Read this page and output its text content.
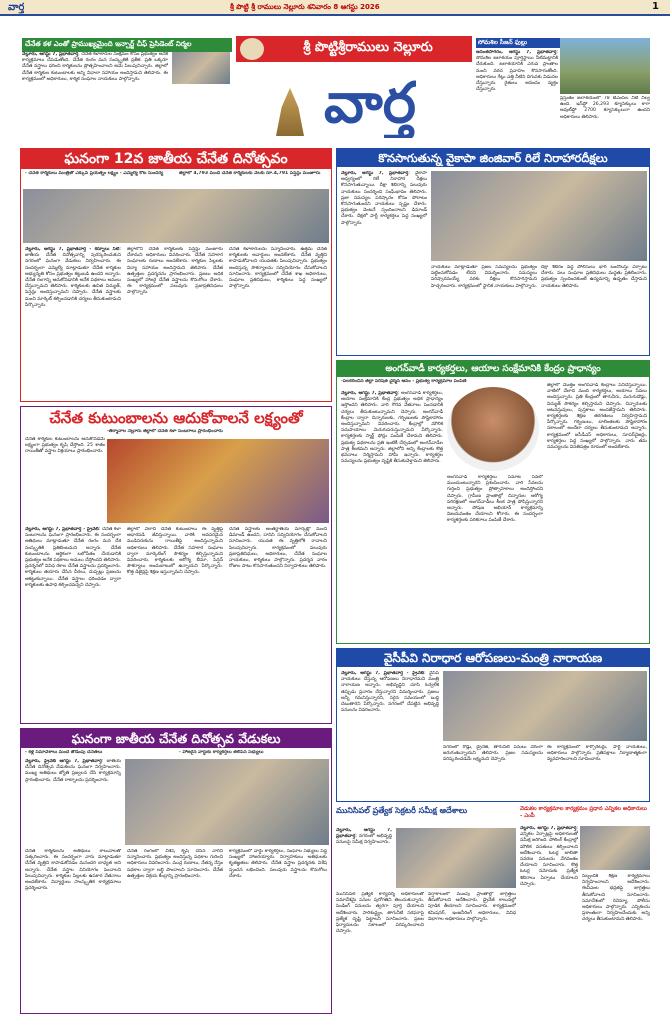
వార్త	శ్రీ పొట్టి శ్రీ రాములు నెల్లూరు శనివారం 8 ఆగస్టు 2026	1
చేనేత కళ ఎంతో ప్రాముఖ్యమైంది ఇన్చార్జ్ చీఫ్ ప్రెసిడెంట్ నిర్మల
నెల్లూరు, ఆగస్టు 7, ప్రభాతవార్త, చేనేత కళాకారుల సంక్షేమం కోసం ప్రభుత్వం అనేక కార్యక్రమాలు చేపడుతోంది. చేనేత రంగం మన సంస్కృతికి ప్రతీక. ప్రతి ఒక్కరూ చేనేత వస్త్రాలు ధరించి కార్మికులను ప్రోత్సహించాలని ఆమె పిలుపునిచ్చారు. జిల్లాలో చేనేత కార్మికుల కుటుంబాలకు అన్ని విధాలా సహాయం అందిస్తామని తెలిపారు. ఈ కార్యక్రమంలో అధికారులు, కార్మిక సంఘాల నాయకులు పాల్గొన్నారు.
శ్రీ పొట్టిశ్రీరాములు నెల్లూరు
వార్త
సోమశిల సీజన్ ఫుల్లు
అనంతసాగరం, ఆగస్టు 7, ప్రభాతవార్త: సోమశిల జలాశయం పూర్తిస్థాయి నీటిమట్టానికి చేరుకుంది. జలాశయానికి ఎగువ ప్రాంతాల నుంచి వరద ప్రవాహం కొనసాగుతోంది. అధికారులు గేట్లు ఎత్తి నీటిని దిగువకు విడుదల చేస్తున్నారు. రైతులు ఆనందం వ్యక్తం చేస్తున్నారు.
ప్రస్తుతం జలాశయంలో 78 టీఎంసీల నీటి నిల్వ ఉంది. ఇన్‌ఫ్లో 26,293 క్యూసెక్కులు కాగా అవుట్‌ఫ్లో 2700 క్యూసెక్కులుగా ఉందని అధికారులు తెలిపారు.
ఘనంగా 12వ జాతీయ చేనేత దినోత్సవం
- చేనేత కార్మికులు మంత్రితో ఎక్కువ ప్రయత్నం లక్ష్యం - ఎమ్మెల్యే కోట సుందర్య	జిల్లాలో 4,793 మంది చేనేత కార్మికులకు నెలకు రూ.4,791 పెన్షన్లు మంజూరు
నెల్లూరు, ఆగస్టు 7, ప్రభాతవార్త - కర్నూలు సిటీ: జాతీయ చేనేత దినోత్సవాన్ని పురస్కరించుకుని నగరంలో ఘనంగా వేడుకలు నిర్వహించారు. ఈ సందర్భంగా ఎమ్మెల్యే మాట్లాడుతూ చేనేత కార్మికుల అభ్యున్నతి కోసం ప్రభుత్వం కట్టుబడి ఉందని అన్నారు. చేనేత రంగాన్ని ఆదుకోవడానికి అనేక పథకాలు అమలు చేస్తున్నామని తెలిపారు. కార్మికులకు ఉచిత విద్యుత్, పెన్షన్లు అందిస్తున్నామని చెప్పారు. చేనేత వస్త్రాలకు మంచి మార్కెట్ కల్పించడానికి చర్యలు తీసుకుంటామని పేర్కొన్నారు.
జిల్లాలోని చేనేత కార్మికులకు పెన్షన్లు మంజూరు చేశామని అధికారులు వివరించారు. చేనేత సహకార సంఘాలకు రుణాలు అందజేశారు. కార్మికుల పిల్లలకు విద్యా సహాయం అందిస్తామని తెలిపారు. చేనేత ఉత్పత్తుల ప్రదర్శనను ప్రారంభించారు. ప్రజలు అధిక సంఖ్యలో హాజరై చేనేత వస్త్రాలను కొనుగోలు చేశారు. ఈ కార్యక్రమంలో పలువురు ప్రజాప్రతినిధులు పాల్గొన్నారు.
చేనేత కళాకారులను సన్మానించారు. ఉత్తమ చేనేత కార్మికులకు అవార్డులు అందజేశారు. చేనేత వృత్తిని కాపాడుకోవాలని యువతకు పిలుపునిచ్చారు. ప్రభుత్వం అందిస్తున్న సౌకర్యాలను సద్వినియోగం చేసుకోవాలని సూచించారు. కార్యక్రమంలో చేనేత శాఖ అధికారులు, సంఘాల ప్రతినిధులు, కార్మికులు పెద్ద సంఖ్యలో పాల్గొన్నారు.
కొనసాగుతున్న వైకాపా జింజివార్ రిలే నిరాహారదీక్షలు
నెల్లూరు, ఆగస్టు 7, ప్రభాతవార్త: వైకాపా ఆధ్వర్యంలో రిలే నిరాహార దీక్షలు కొనసాగుతున్నాయి. దీక్షా శిబిరాన్ని పలువురు నాయకులు సందర్శించి సంఘీభావం తెలిపారు. ప్రజా సమస్యల పరిష్కారం కోసం పోరాటం కొనసాగుతుందని నాయకులు స్పష్టం చేశారు. ప్రభుత్వం వెంటనే స్పందించాలని డిమాండ్ చేశారు. దీక్షలో పార్టీ కార్యకర్తలు పెద్ద సంఖ్యలో పాల్గొన్నారు.
నాయకులు మాట్లాడుతూ ప్రజల సమస్యలను ప్రభుత్వం పట్టించుకోవడం లేదని విమర్శించారు. సమస్యలు పరిష్కారమయ్యే వరకు దీక్షలు కొనసాగిస్తామని హెచ్చరించారు. కార్యక్రమంలో స్థానిక నాయకులు పాల్గొన్నారు.
దీక్షా శిబిరం వద్ద పోలీసులు భారీ బందోబస్తు ఏర్పాటు చేశారు. పలు సంఘాల ప్రతినిధులు మద్దతు ప్రకటించారు. ప్రభుత్వం స్పందించకుంటే ఉద్యమాన్ని ఉధృతం చేస్తామని నాయకులు తెలిపారు.
చేనేత కుటుంబాలను ఆదుకోవాలనే లక్ష్యంతో
-తీర్మానాల నెల్లూరు జిల్లాలో చేనేత కళా సంబరాలు ప్రారంభించారు
చేనేత కార్మికుల కుటుంబాలను ఆదుకోవడమే లక్ష్యంగా ప్రభుత్వం కృషి చేస్తోంది. 25 శాతం రాయితీతో వస్త్రాల విక్రయాలు ప్రారంభించారు.
నెల్లూరు, ఆగస్టు 7, ప్రభాతవార్త - ప్రైవేట్: చేనేత కళా సంబరాలను ఘనంగా ప్రారంభించారు. ఈ సందర్భంగా అతిథులు మాట్లాడుతూ చేనేత రంగం మన దేశ సంస్కృతికి ప్రతిబింబమని అన్నారు. చేనేత కుటుంబాలను ఆర్థికంగా బలోపేతం చేయడానికి ప్రభుత్వం అనేక పథకాలు అమలు చేస్తోందని తెలిపారు. ప్రదర్శనలో వివిధ రకాల చేనేత వస్త్రాలను ప్రదర్శించారు. కార్మికులు తయారు చేసిన చీరలు, దుప్పట్లు ప్రజలను ఆకట్టుకున్నాయి. చేనేత వస్త్రాలు ధరించడం ద్వారా కార్మికులకు ఉపాధి కల్పించవచ్చని చెప్పారు.
జిల్లాలో వేలాది చేనేత కుటుంబాలు ఈ వృత్తిపై ఆధారపడి జీవిస్తున్నాయి. వారికి అవసరమైన ముడిసరుకును రాయితీపై అందిస్తున్నామని అధికారులు తెలిపారు. చేనేత సహకార సంఘాల ద్వారా మార్కెటింగ్ సౌకర్యం కల్పిస్తున్నామని వివరించారు. కార్మికులకు ఆరోగ్య బీమా, పెన్షన్ సౌకర్యాలు అందుబాటులో ఉన్నాయని పేర్కొన్నారు. కొత్త డిజైన్లపై శిక్షణ ఇస్తున్నామని చెప్పారు.
చేనేత వస్త్రాలకు అంతర్జాతీయ మార్కెట్లో మంచి డిమాండ్ ఉందని, దానిని సద్వినియోగం చేసుకోవాలని సూచించారు. యువత ఈ వృత్తిలోకి రావాలని పిలుపునిచ్చారు. కార్యక్రమంలో పలువురు ప్రజాప్రతినిధులు, అధికారులు, చేనేత సంఘాల నాయకులు, కార్మికులు పాల్గొన్నారు. ప్రదర్శన వారం రోజుల పాటు కొనసాగుతుందని నిర్వాహకులు తెలిపారు.
అంగన్‌వాడీ కార్యకర్తలు, ఆయాల సంక్షేమానికి కేంద్రం ప్రాధాన్యం
-పలకరించిన జిల్లా పరిషత్ ఛైర్మన్ ఆనం - ప్రభుత్వ కార్యక్రమాల పంపిణీ
నెల్లూరు, ఆగస్టు 7, ప్రభాతవార్త: అంగన్‌వాడీ కార్యకర్తలు, ఆయాల సంక్షేమానికి కేంద్ర ప్రభుత్వం అధిక ప్రాధాన్యం ఇస్తోందని తెలిపారు. వారి గౌరవ వేతనాలు పెంచడానికి చర్యలు తీసుకుంటున్నామని చెప్పారు. అంగన్‌వాడీ కేంద్రాల ద్వారా చిన్నారులకు, గర్భిణులకు పౌష్టికాహారం అందిస్తున్నామని వివరించారు. కేంద్రాల్లో మౌలిక సదుపాయాలు మెరుగుపరుస్తున్నామని పేర్కొన్నారు. కార్యకర్తలకు స్మార్ట్ ఫోన్లు పంపిణీ చేశామని తెలిపారు. ప్రభుత్వ పథకాలను ప్రతి ఇంటికీ చేర్చడంలో అంగన్‌వాడీల పాత్ర కీలకమని అన్నారు. జిల్లాలోని అన్ని కేంద్రాలకు కొత్త భవనాలు నిర్మిస్తామని హామీ ఇచ్చారు. కార్యకర్తల సమస్యలను ప్రభుత్వం దృష్టికి తీసుకువెళ్తామని తెలిపారు.
అంగన్‌వాడీ కార్యకర్తలు సమాజ సేవలో ముందుంటున్నారని ప్రశంసించారు. వారి సేవలను గుర్తించి ప్రభుత్వం ప్రోత్సాహకాలు అందిస్తోందని చెప్పారు. గ్రామీణ ప్రాంతాల్లో చిన్నారుల ఆరోగ్య పరిరక్షణలో అంగన్‌వాడీలు కీలక పాత్ర పోషిస్తున్నారని అన్నారు. పోషణ అభియాన్ కార్యక్రమాన్ని విజయవంతం చేయాలని కోరారు. ఈ సందర్భంగా కార్యకర్తలకు పరికరాలు పంపిణీ చేశారు.
జిల్లాలో మొత్తం అంగన్‌వాడీ కేంద్రాలు పనిచేస్తున్నాయి. వాటిలో వేలాది మంది కార్యకర్తలు, ఆయాలు సేవలు అందిస్తున్నారు. ప్రతి కేంద్రంలో తాగునీరు, మరుగుదొడ్లు, విద్యుత్ సౌకర్యం కల్పిస్తామని చెప్పారు. చిన్నారులకు ఆటవస్తువులు, పుస్తకాలు అందజేస్తామని తెలిపారు. కార్యకర్తలకు శిక్షణ తరగతులు నిర్వహిస్తామని పేర్కొన్నారు. గర్భిణులు, బాలింతలకు పౌష్టికాహారం సకాలంలో అందేలా చర్యలు తీసుకుంటామని అన్నారు. కార్యక్రమంలో ఐసీడీఎస్ అధికారులు, సూపర్‌వైజర్లు, కార్యకర్తలు పెద్ద సంఖ్యలో పాల్గొన్నారు. వారు తమ సమస్యలను వినతిపత్రం రూపంలో అందజేశారు.
వైసీపీవి నిరాధార ఆరోపణలు-మంత్రి నారాయణ
నెల్లూరు, ఆగస్టు 7, ప్రభాతవార్త - ప్రైవేట్: వైసీపీ నాయకులు చేస్తున్న ఆరోపణలు నిరాధారమని మంత్రి నారాయణ అన్నారు. అభివృద్ధిని చూసి ఓర్వలేక తప్పుడు ప్రచారం చేస్తున్నారని విమర్శించారు. ప్రజలు అన్నీ గమనిస్తున్నారని, సరైన సమయంలో బుద్ధి చెబుతారని పేర్కొన్నారు. నగరంలో చేపట్టిన అభివృద్ధి పనులను వివరించారు.
నగరంలో రోడ్లు, డ్రైనేజీ, తాగునీటి పనులు వేగంగా జరుగుతున్నాయని తెలిపారు. ప్రజల సమస్యలను పరిష్కరించడమే లక్ష్యమని చెప్పారు.
ఈ కార్యక్రమంలో కార్పొరేటర్లు, పార్టీ నాయకులు, అధికారులు పాల్గొన్నారు. ప్రతిపక్షాలు నిర్మాణాత్మకంగా వ్యవహరించాలని సూచించారు.
ఘనంగా జాతీయ చేనేత దినోత్సవ వేడుకలు
- కళ్ల సమావేశాలు మందే జోడింపు చేనేతలు	- హాజరైన వార్డుకు కార్యకర్తలు తెలిపిన సభ్యులు
నెల్లూరు, ప్రైవేట్ ఆగస్టు 7, ప్రభాతవార్త: జాతీయ చేనేత దినోత్సవ వేడుకలను ఘనంగా నిర్వహించారు. ముఖ్య అతిథులు జ్యోతి ప్రజ్వలన చేసి కార్యక్రమాన్ని ప్రారంభించారు. చేనేత రాట్నాలను ప్రదర్శించారు.
చేనేత కార్మికులను అతిథులు శాలువాలతో సత్కరించారు. ఈ సందర్భంగా వారు మాట్లాడుతూ చేనేత వృత్తిని కాపాడుకోవడం మనందరి బాధ్యత అని అన్నారు. చేనేత వస్త్రాల వినియోగం పెంచాలని పిలుపునిచ్చారు. కార్మికుల పిల్లలకు ఉపకార వేతనాలు అందజేశారు. విద్యార్థులు సాంస్కృతిక కార్యక్రమాలు ప్రదర్శించారు.
చేనేత రంగంలో విశేష కృషి చేసిన వారిని సన్మానించారు. ప్రభుత్వం అందిస్తున్న పథకాల గురించి అధికారులు వివరించారు. ముద్ర రుణాలు, నేతన్న నేస్తం పథకాల ద్వారా లబ్ధి పొందాలని సూచించారు. చేనేత ఉత్పత్తుల విక్రయ కేంద్రాన్ని ప్రారంభించారు.
కార్యక్రమంలో వార్డు కార్యకర్తలు, సంఘాల సభ్యులు పెద్ద సంఖ్యలో హాజరయ్యారు. నిర్వాహకులు అతిథులకు కృతజ్ఞతలు తెలిపారు. చేనేత వస్త్రాల ప్రదర్శనకు విశేష స్పందన లభించింది. పలువురు వస్త్రాలను కొనుగోలు చేశారు.
మునిసిపల్ ప్రత్యేక సెక్రటరీ సమీక్ష ఆదేశాలు
నెల్లూరు, ఆగస్టు 7, ప్రభాతవార్త: నగరంలో అభివృద్ధి పనులపై సమీక్ష నిర్వహించారు.
మునిసిపల్ ప్రత్యేక కార్యదర్శి అధికారులతో సమావేశమై పనుల పురోగతిని తెలుసుకున్నారు. పెండింగ్ పనులను త్వరగా పూర్తి చేయాలని ఆదేశించారు. పారిశుద్ధ్యం, తాగునీటి సరఫరాపై ప్రత్యేక దృష్టి పెట్టాలని సూచించారు. ప్రజల ఫిర్యాదులను సకాలంలో పరిష్కరించాలని చెప్పారు.
వర్షాకాలంలో ముంపు ప్రాంతాల్లో జాగ్రత్తలు తీసుకోవాలని ఆదేశించారు. డ్రైనేజీ కాలువల్లో పూడిక తీయాలని సూచించారు. కార్యక్రమంలో కమిషనర్, ఇంజనీరింగ్ అధికారులు, వివిధ విభాగాల అధికారులు పాల్గొన్నారు.
వేడుకల కార్యక్రమాల కార్యక్రమం ప్రధాన ఎన్నికల అధికారులు - ఎంపీ
నెల్లూరు, ఆగస్టు 7, ప్రభాతవార్త: ఎన్నికల ఏర్పాట్లపై అధికారులతో సమీక్ష జరిగింది. పోలింగ్ కేంద్రాల్లో మౌలిక వసతులు కల్పించాలని ఆదేశించారు. ఓటర్ల జాబితా సవరణ పనులను వేగవంతం చేయాలని సూచించారు. కొత్త ఓటర్ల నమోదుకు ప్రత్యేక శిబిరాలు ఏర్పాటు చేయాలని చెప్పారు.
సిబ్బందికి శిక్షణ కార్యక్రమాలు నిర్వహించాలని ఆదేశించారు. ఈవీఎంల భద్రతపై జాగ్రత్తలు తీసుకోవాలని సూచించారు. సమావేశంలో రెవెన్యూ, పోలీసు అధికారులు పాల్గొన్నారు. ఎన్నికలను ప్రశాంతంగా నిర్వహించేందుకు అన్ని చర్యలు తీసుకుంటామని తెలిపారు.
